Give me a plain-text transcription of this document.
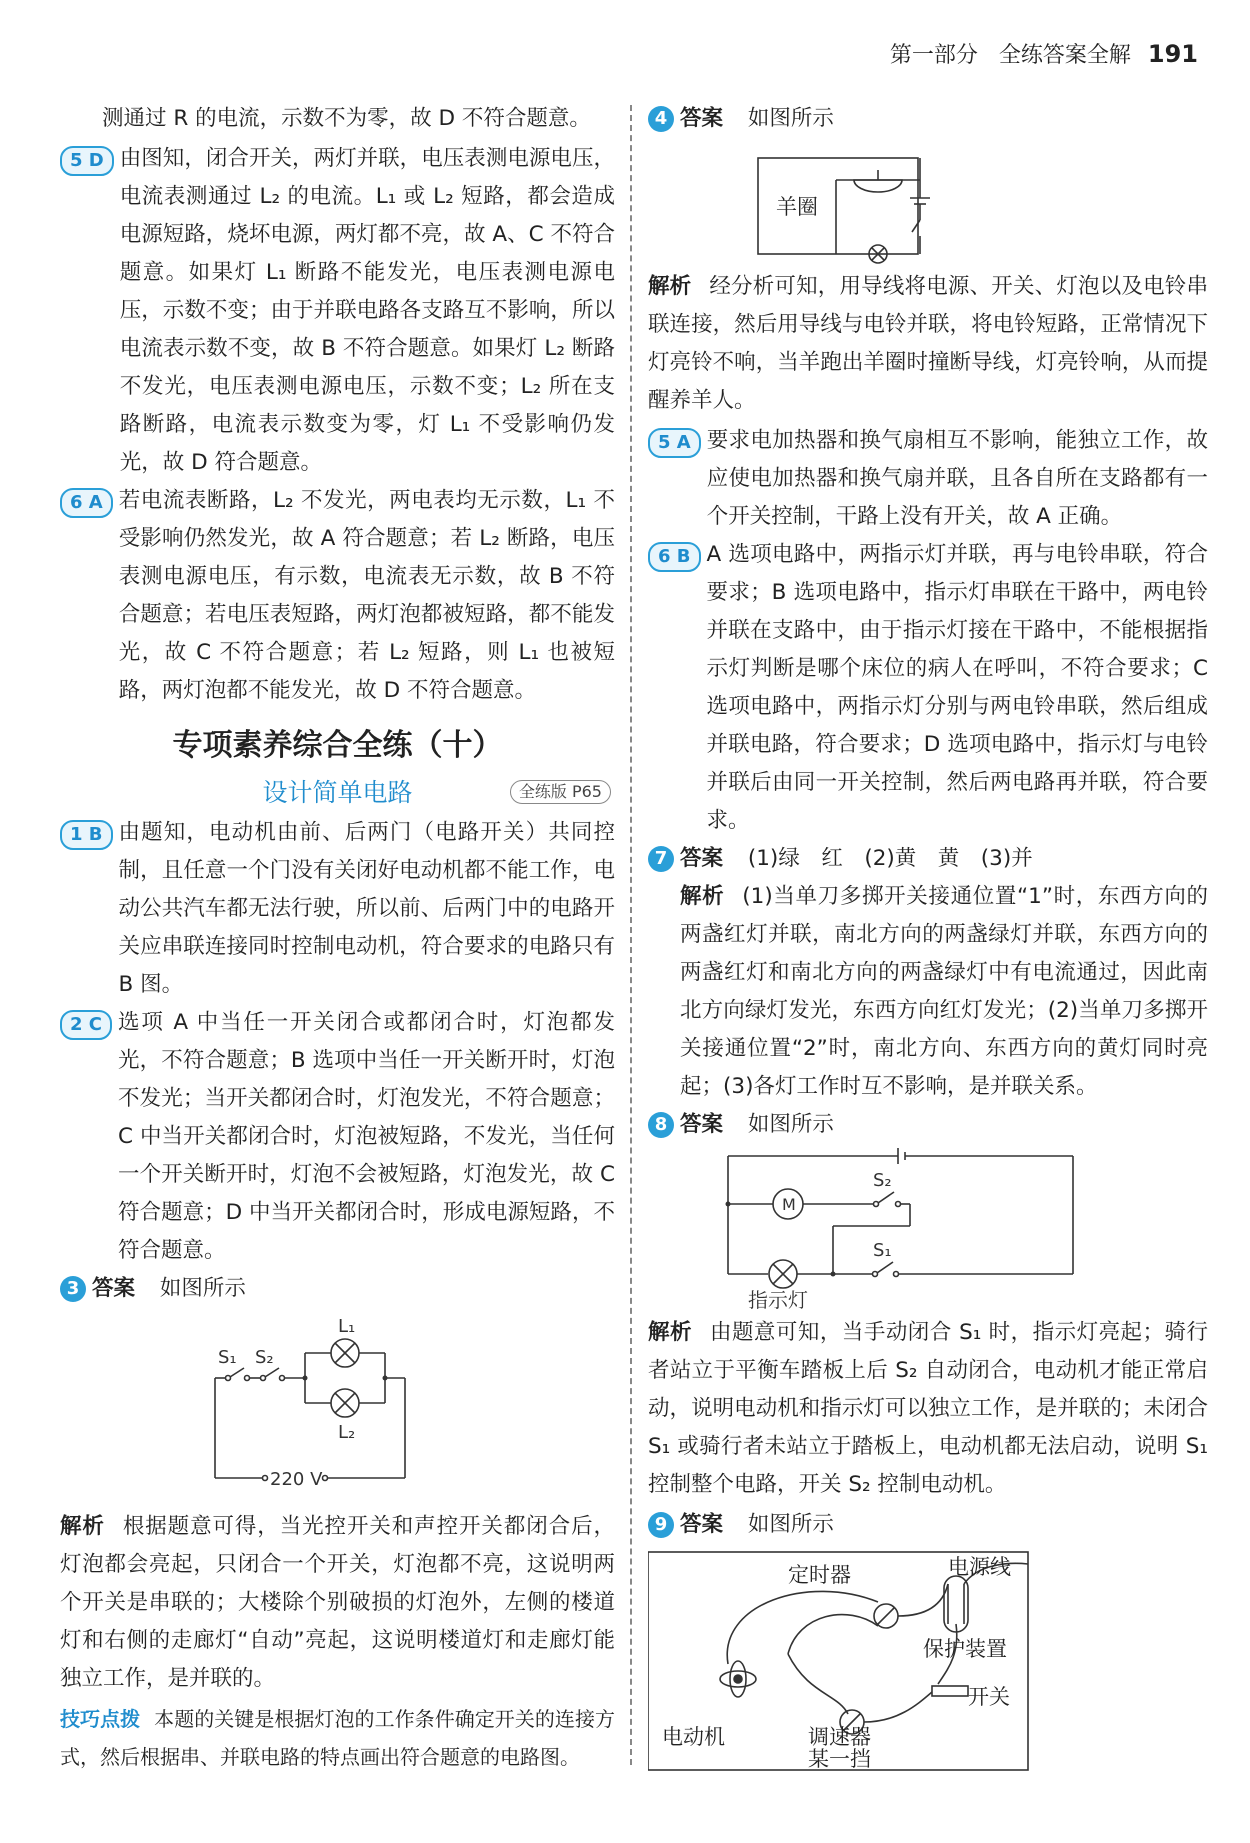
第一部分 全练答案全解 191

测通过 R 的电流，示数不为零，故 D 不符合题意。

5 D 由图知，闭合开关，两灯并联，电压表测电源电压，电流表测通过 L₂ 的电流。L₁ 或 L₂ 短路，都会造成电源短路，烧坏电源，两灯都不亮，故 A、C 不符合题意。如果灯 L₁ 断路不能发光，电压表测电源电压，示数不变；由于并联电路各支路互不影响，所以电流表示数不变，故 B 不符合题意。如果灯 L₂ 断路不发光，电压表测电源电压，示数不变；L₂ 所在支路断路，电流表示数变为零，灯 L₁ 不受影响仍发光，故 D 符合题意。
6 A 若电流表断路，L₂ 不发光，两电表均无示数，L₁ 不受影响仍然发光，故 A 符合题意；若 L₂ 断路，电压表测电源电压，有示数，电流表无示数，故 B 不符合题意；若电压表短路，两灯泡都被短路，都不能发光，故 C 不符合题意；若 L₂ 短路，则 L₁ 也被短路，两灯泡都不能发光，故 D 不符合题意。
专项素养综合全练（十）
设计简单电路	全练版 P65
1 B 由题知，电动机由前、后两门（电路开关）共同控制，且任意一个门没有关闭好电动机都不能工作，电动公共汽车都无法行驶，所以前、后两门中的电路开关应串联连接同时控制电动机，符合要求的电路只有 B 图。
2 C 选项 A 中当任一开关闭合或都闭合时，灯泡都发光，不符合题意；B 选项中当任一开关断开时，灯泡不发光；当开关都闭合时，灯泡发光，不符合题意；C 中当开关都闭合时，灯泡被短路，不发光，当任何一个开关断开时，灯泡不会被短路，灯泡发光，故 C 符合题意；D 中当开关都闭合时，形成电源短路，不符合题意。
3 答案 如图所示
S₁ S₂
L₁
L₂
220 V

解析 根据题意可得，当光控开关和声控开关都闭合后，灯泡都会亮起，只闭合一个开关，灯泡都不亮，这说明两个开关是串联的；大楼除个别破损的灯泡外，左侧的楼道灯和右侧的走廊灯“自动”亮起，这说明楼道灯和走廊灯能独立工作，是并联的。

技巧点拨 本题的关键是根据灯泡的工作条件确定开关的连接方式，然后根据串、并联电路的特点画出符合题意的电路图。

4 答案 如图所示
羊圈

解析 经分析可知，用导线将电源、开关、灯泡以及电铃串联连接，然后用导线与电铃并联，将电铃短路，正常情况下灯亮铃不响，当羊跑出羊圈时撞断导线，灯亮铃响，从而提醒养羊人。

5 A 要求电加热器和换气扇相互不影响，能独立工作，故应使电加热器和换气扇并联，且各自所在支路都有一个开关控制，干路上没有开关，故 A 正确。
6 B A 选项电路中，两指示灯并联，再与电铃串联，符合要求；B 选项电路中，指示灯串联在干路中，两电铃并联在支路中，由于指示灯接在干路中，不能根据指示灯判断是哪个床位的病人在呼叫，不符合要求；C 选项电路中，两指示灯分别与两电铃串联，然后组成并联电路，符合要求；D 选项电路中，指示灯与电铃并联后由同一开关控制，然后两电路再并联，符合要求。
7 答案 (1)绿　红　(2)黄　黄　(3)并
解析 (1)当单刀多掷开关接通位置“1”时，东西方向的两盏红灯并联，南北方向的两盏绿灯并联，东西方向的两盏红灯和南北方向的两盏绿灯中有电流通过，因此南北方向绿灯发光，东西方向红灯发光；(2)当单刀多掷开关接通位置“2”时，南北方向、东西方向的黄灯同时亮起；(3)各灯工作时互不影响，是并联关系。
8 答案 如图所示
M
S₂
S₁
指示灯

解析 由题意可知，当手动闭合 S₁ 时，指示灯亮起；骑行者站立于平衡车踏板上后 S₂ 自动闭合，电动机才能正常启动，说明电动机和指示灯可以独立工作，是并联的；未闭合 S₁ 或骑行者未站立于踏板上，电动机都无法启动，说明 S₁ 控制整个电路，开关 S₂ 控制电动机。

9 答案 如图所示
电源线
定时器
保护装置
开关
电动机	调速器
某一挡
